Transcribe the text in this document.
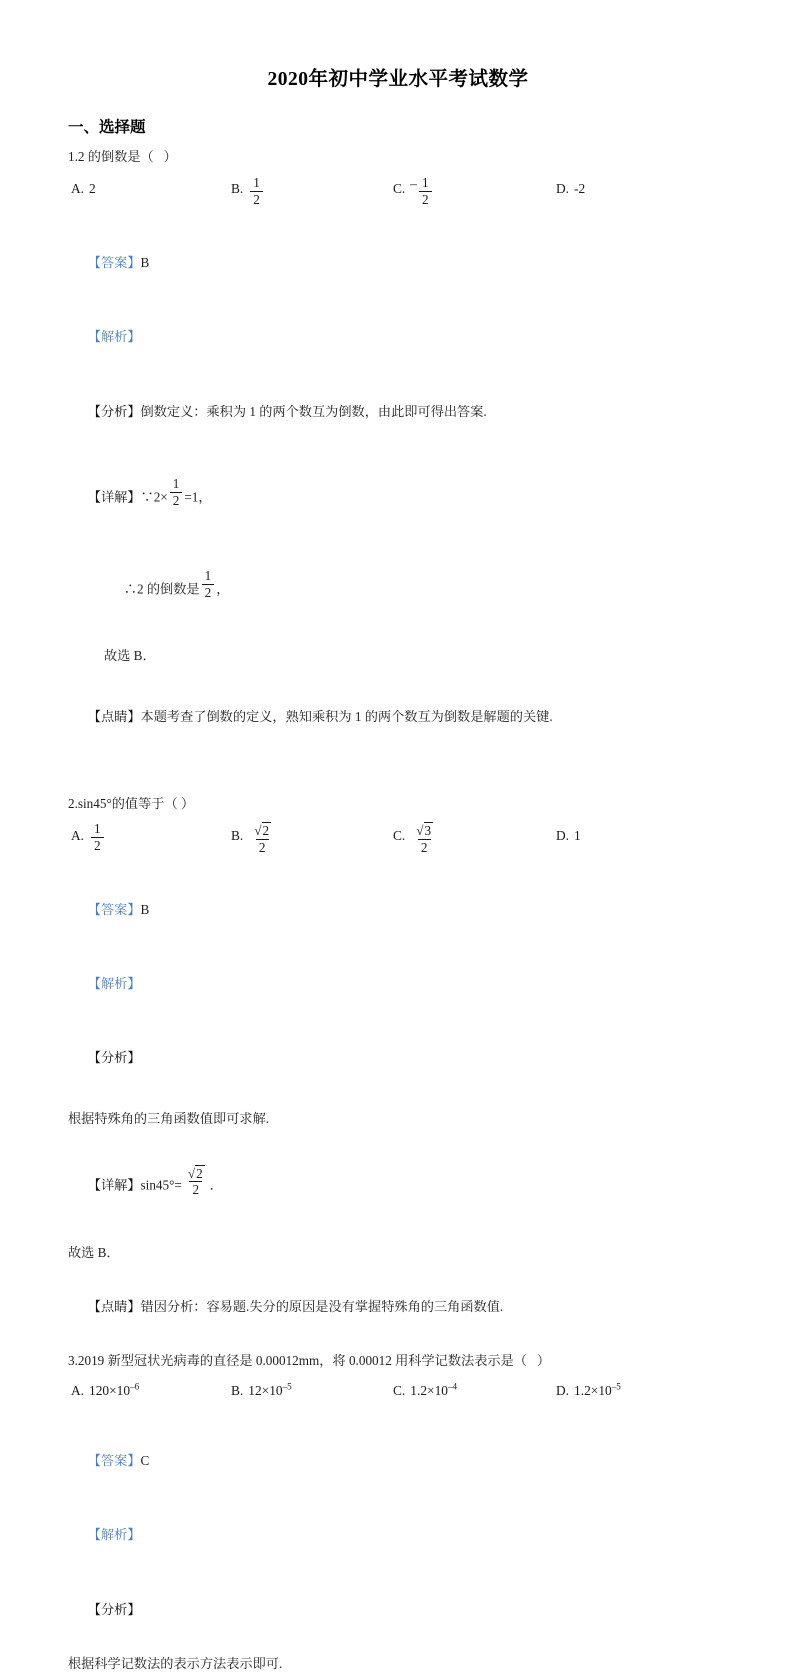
2020年初中学业水平考试数学
一、选择题
1.2 的倒数是（   ）
A. 2	B. $\frac{1}{2}$	C. – $\frac{1}{2}$	D. -2

【答案】B

【解析】

【分析】倒数定义：乘积为 1 的两个数互为倒数，由此即可得出答案.

【详解】∵2× $\frac{1}{2} =1$，

∴2 的倒数是 $\frac{1}{2}$ ，

故选 B．

【点睛】本题考查了倒数的定义，熟知乘积为 1 的两个数互为倒数是解题的关键.

2.sin45°的值等于（ ）
A. $\frac{1}{2}$	B. $\frac{√2}{2}$	C. $\frac{√3}{2}$	D. 1

【答案】B

【解析】

【分析】

根据特殊角的三角函数值即可求解.

【详解】$\sin 45^\circ= \frac{√2}{2}$ ．

故选 B．

【点睛】错因分析：容易题.失分的原因是没有掌握特殊角的三角函数值.

3.2019 新型冠状光病毒的直径是 0.00012mm，将 0.00012 用科学记数法表示是（   ）
A. $120\times 10^{-6}$	B. $12\times 10^{-5}$	C. $1.2\times 10^{-4}$	D. $1.2\times 10^{-5}$

【答案】C

【解析】

【分析】

根据科学记数法的表示方法表示即可.
